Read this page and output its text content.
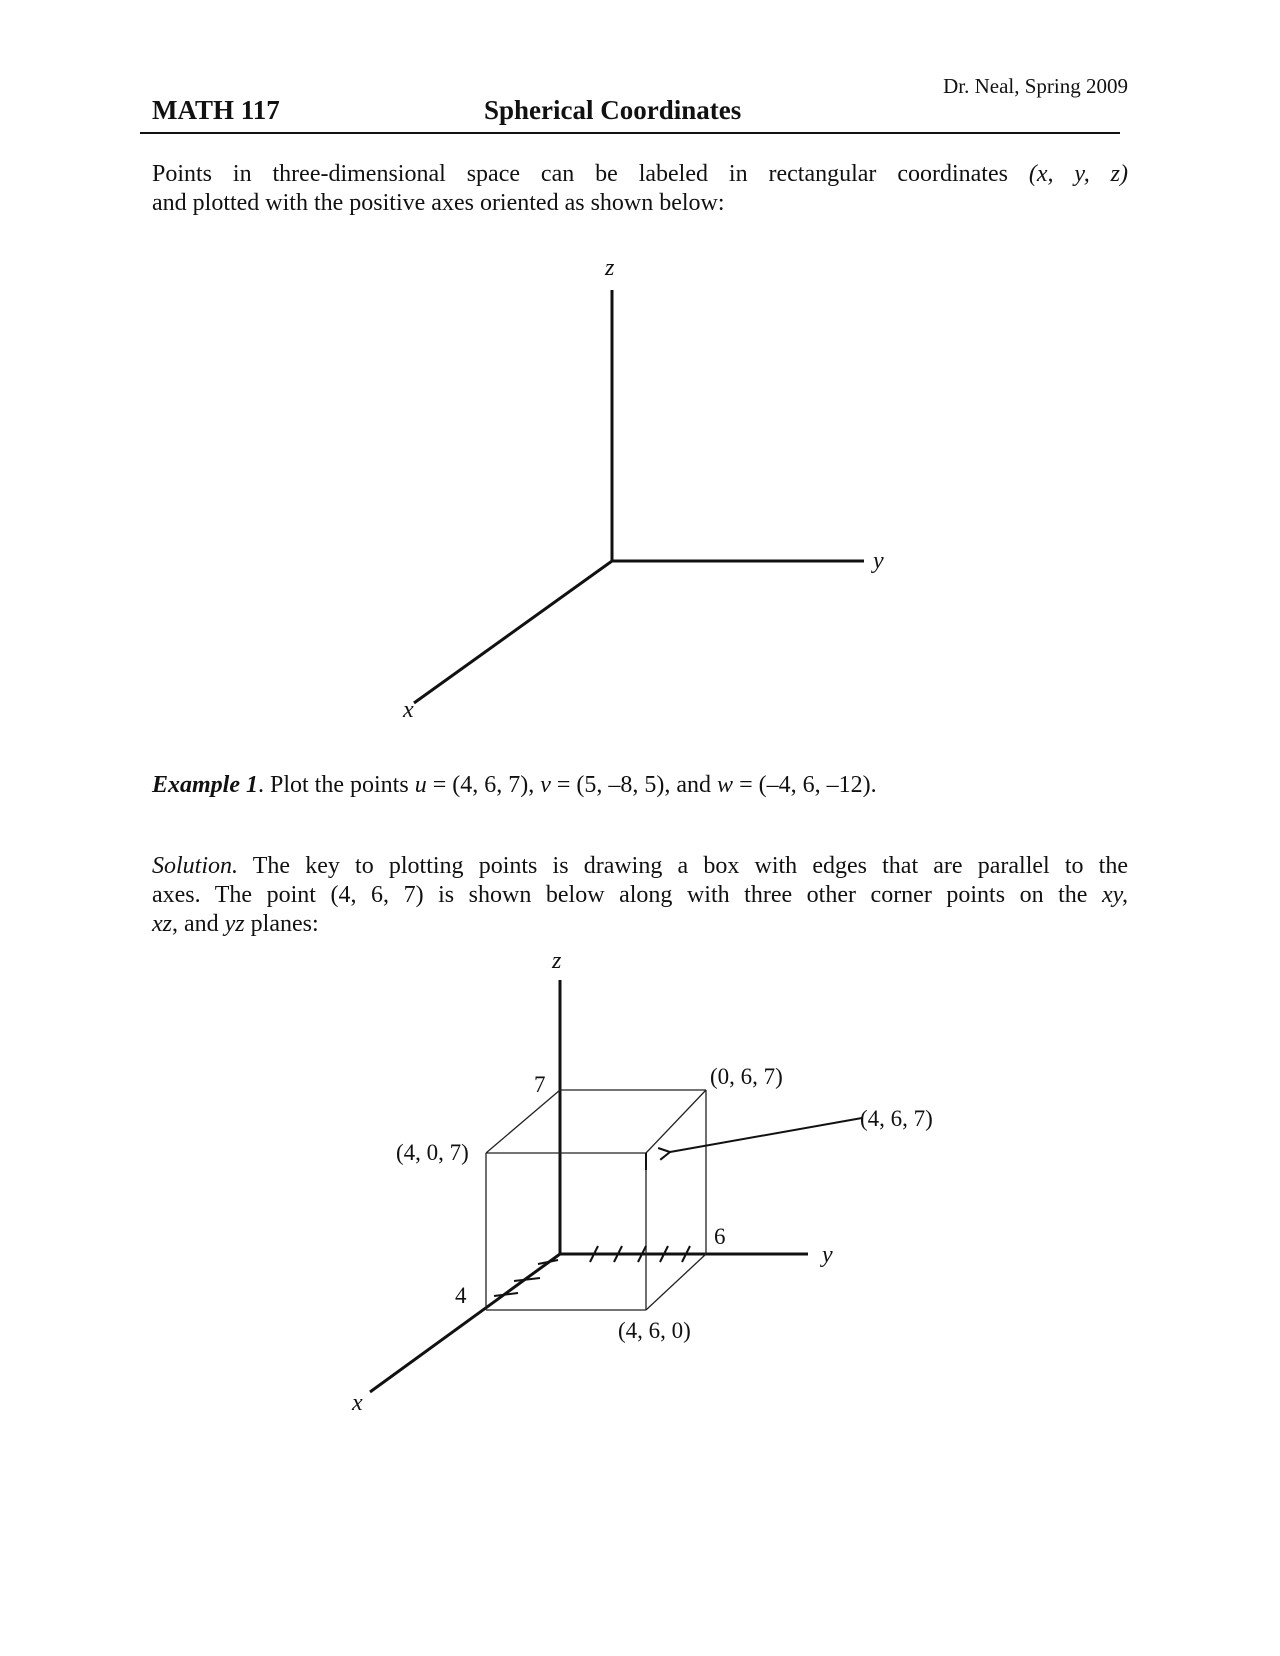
Dr. Neal, Spring 2009
MATH 117	Spherical Coordinates
Points in three-dimensional space can be labeled in rectangular coordinates (x, y, z)
and plotted with the positive axes oriented as shown below:
Example 1. Plot the points u = (4, 6, 7), v = (5, –8, 5), and w = (–4, 6, –12).
Solution. The key to plotting points is drawing a box with edges that are parallel to the
axes. The point (4, 6, 7) is shown below along with three other corner points on the xy,
xz, and yz planes:
z
y
x
z
y
x
7
6
4
(4, 0, 7)
(0, 6, 7)
(4, 6, 0)
(4, 6, 7)
